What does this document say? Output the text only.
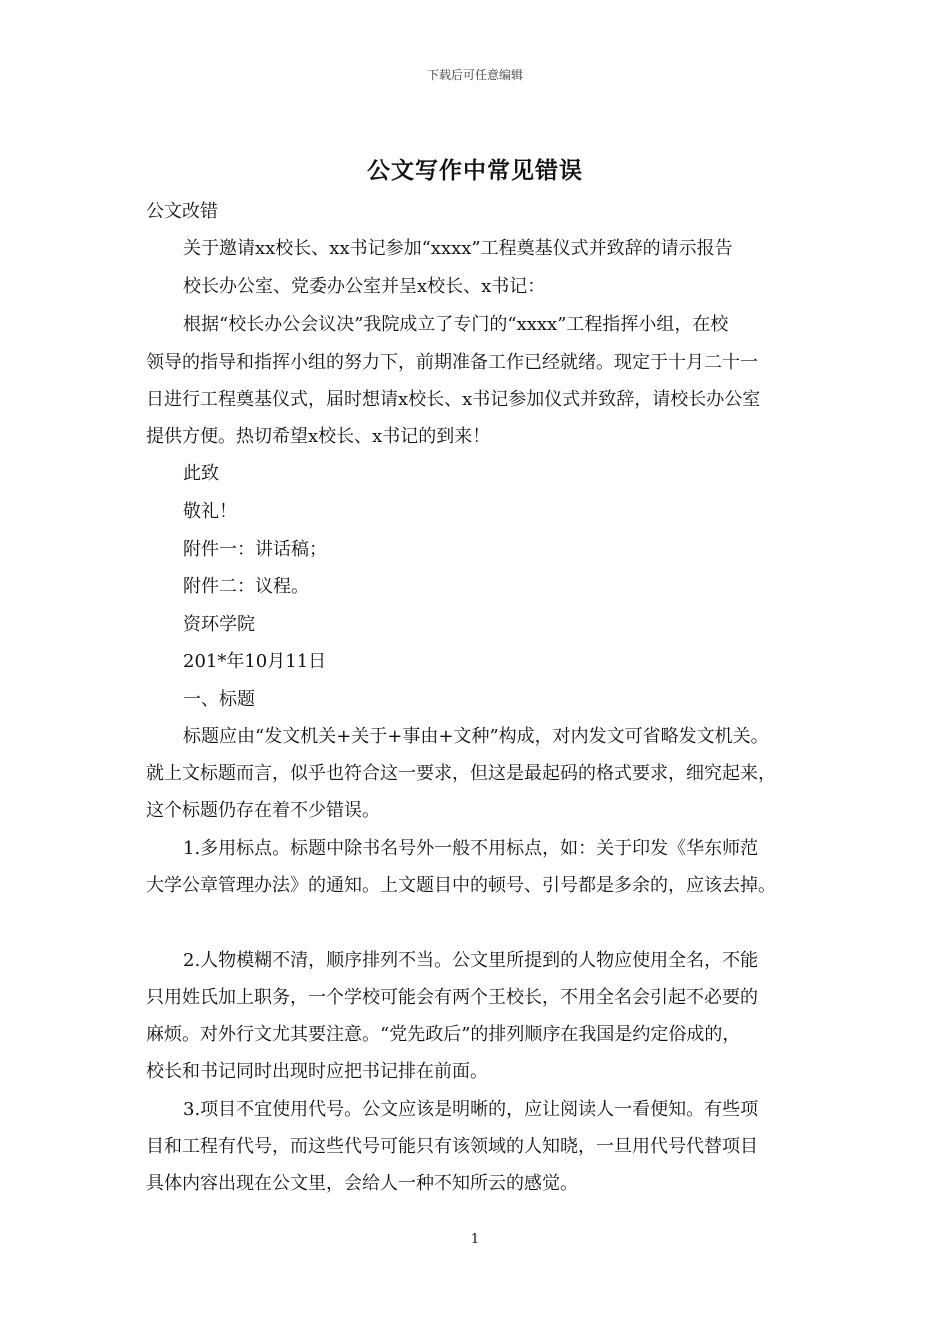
下载后可任意编辑
公文写作中常见错误
公文改错
关于邀请xx校长、xx书记参加“xxxx”工程奠基仪式并致辞的请示报告
校长办公室、党委办公室并呈x校长、x书记：
根据“校长办公会议决”我院成立了专门的“xxxx”工程指挥小组，在校
领导的指导和指挥小组的努力下，前期准备工作已经就绪。现定于十月二十一
日进行工程奠基仪式，届时想请x校长、x书记参加仪式并致辞，请校长办公室
提供方便。热切希望x校长、x书记的到来！
此致
敬礼！
附件一：讲话稿；
附件二：议程。
资环学院
201*年10月11日
一、标题
标题应由“发文机关+关于+事由+文种”构成，对内发文可省略发文机关。
就上文标题而言，似乎也符合这一要求，但这是最起码的格式要求，细究起来，
这个标题仍存在着不少错误。
1.多用标点。标题中除书名号外一般不用标点，如：关于印发《华东师范
大学公章管理办法》的通知。上文题目中的顿号、引号都是多余的，应该去掉。
2.人物模糊不清，顺序排列不当。公文里所提到的人物应使用全名，不能
只用姓氏加上职务，一个学校可能会有两个王校长，不用全名会引起不必要的
麻烦。对外行文尤其要注意。“党先政后”的排列顺序在我国是约定俗成的，
校长和书记同时出现时应把书记排在前面。
3.项目不宜使用代号。公文应该是明晰的，应让阅读人一看便知。有些项
目和工程有代号，而这些代号可能只有该领域的人知晓，一旦用代号代替项目
具体内容出现在公文里，会给人一种不知所云的感觉。
1
